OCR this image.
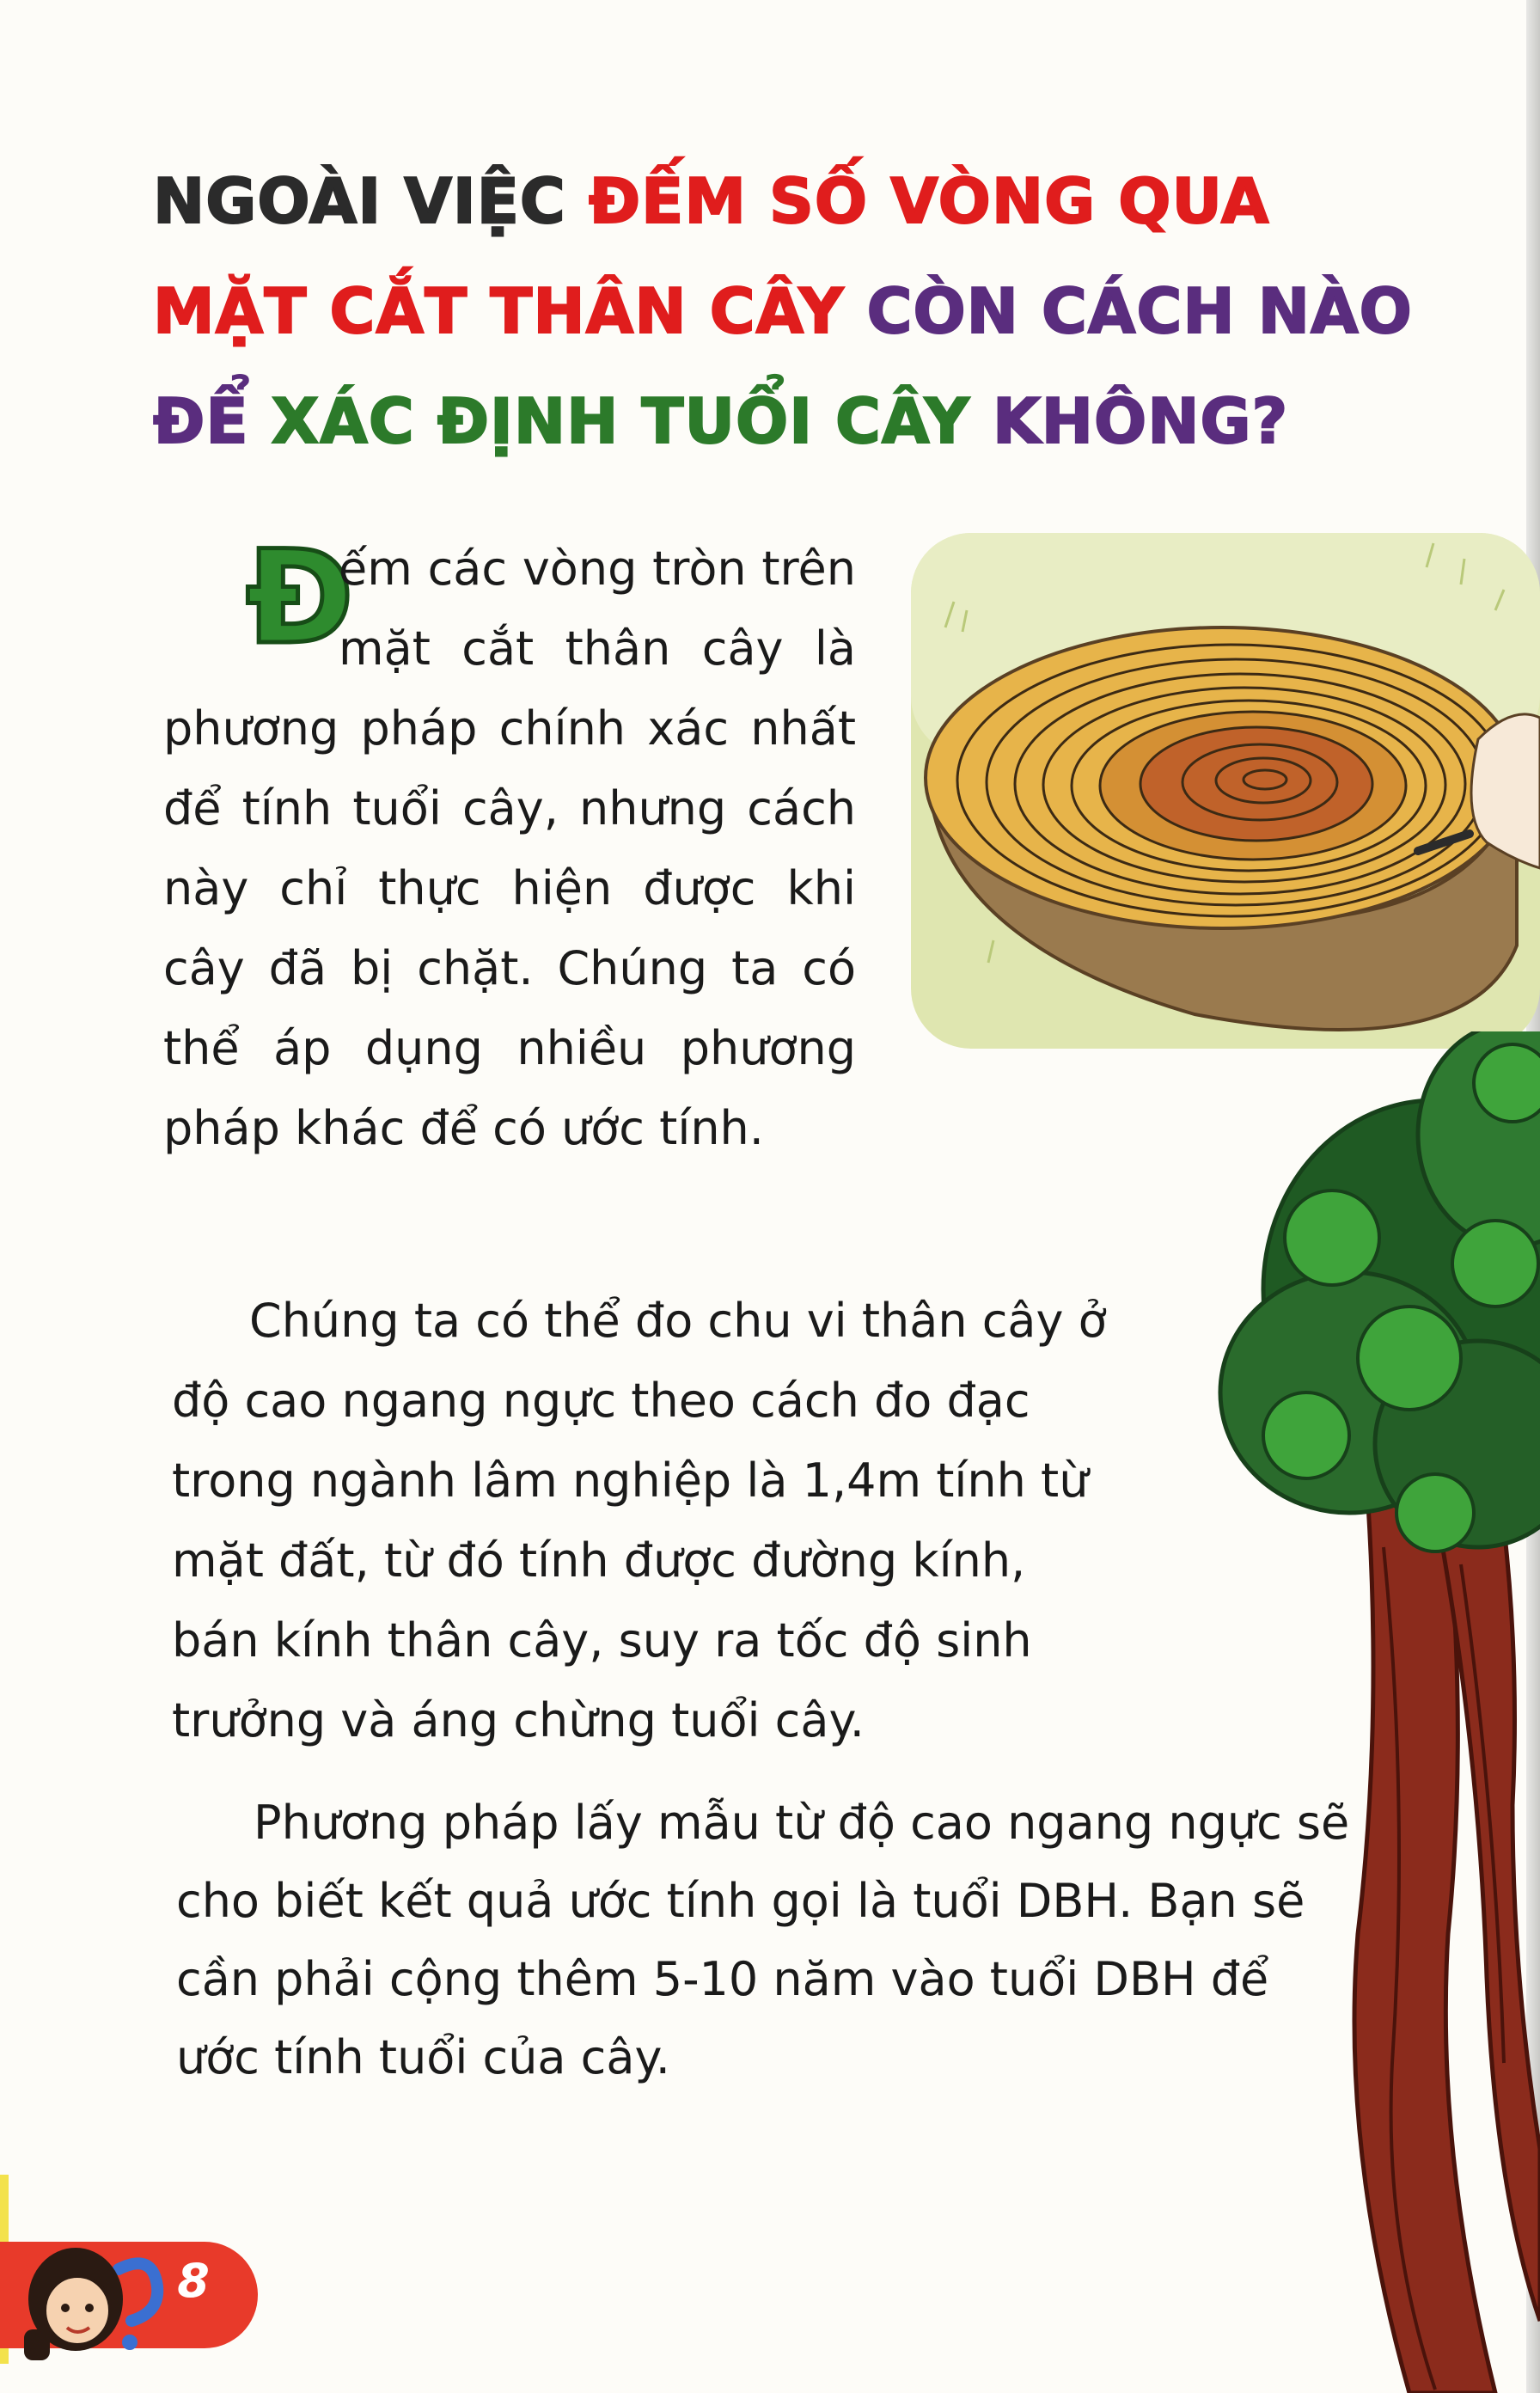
NGOÀI VIỆC ĐẾM SỐ VÒNG QUA MẶT CẮT THÂN CÂY CÒN CÁCH NÀO ĐỂ XÁC ĐỊNH TUỔI CÂY KHÔNG?

Đ
ếm các vòng tròn trên mặt cắt thân cây là phương pháp chính xác nhất để tính tuổi cây, nhưng cách này chỉ thực hiện được khi cây đã bị chặt. Chúng ta có thể áp dụng nhiều phương pháp khác để có ước tính.

Chúng ta có thể đo chu vi thân cây ở độ cao ngang ngực theo cách đo đạc trong ngành lâm nghiệp là 1,4m tính từ mặt đất, từ đó tính được đường kính, bán kính thân cây, suy ra tốc độ sinh trưởng và áng chừng tuổi cây.

Phương pháp lấy mẫu từ độ cao ngang ngực sẽ cho biết kết quả ước tính gọi là tuổi DBH. Bạn sẽ cần phải cộng thêm 5-10 năm vào tuổi DBH để ước tính tuổi của cây.

8
